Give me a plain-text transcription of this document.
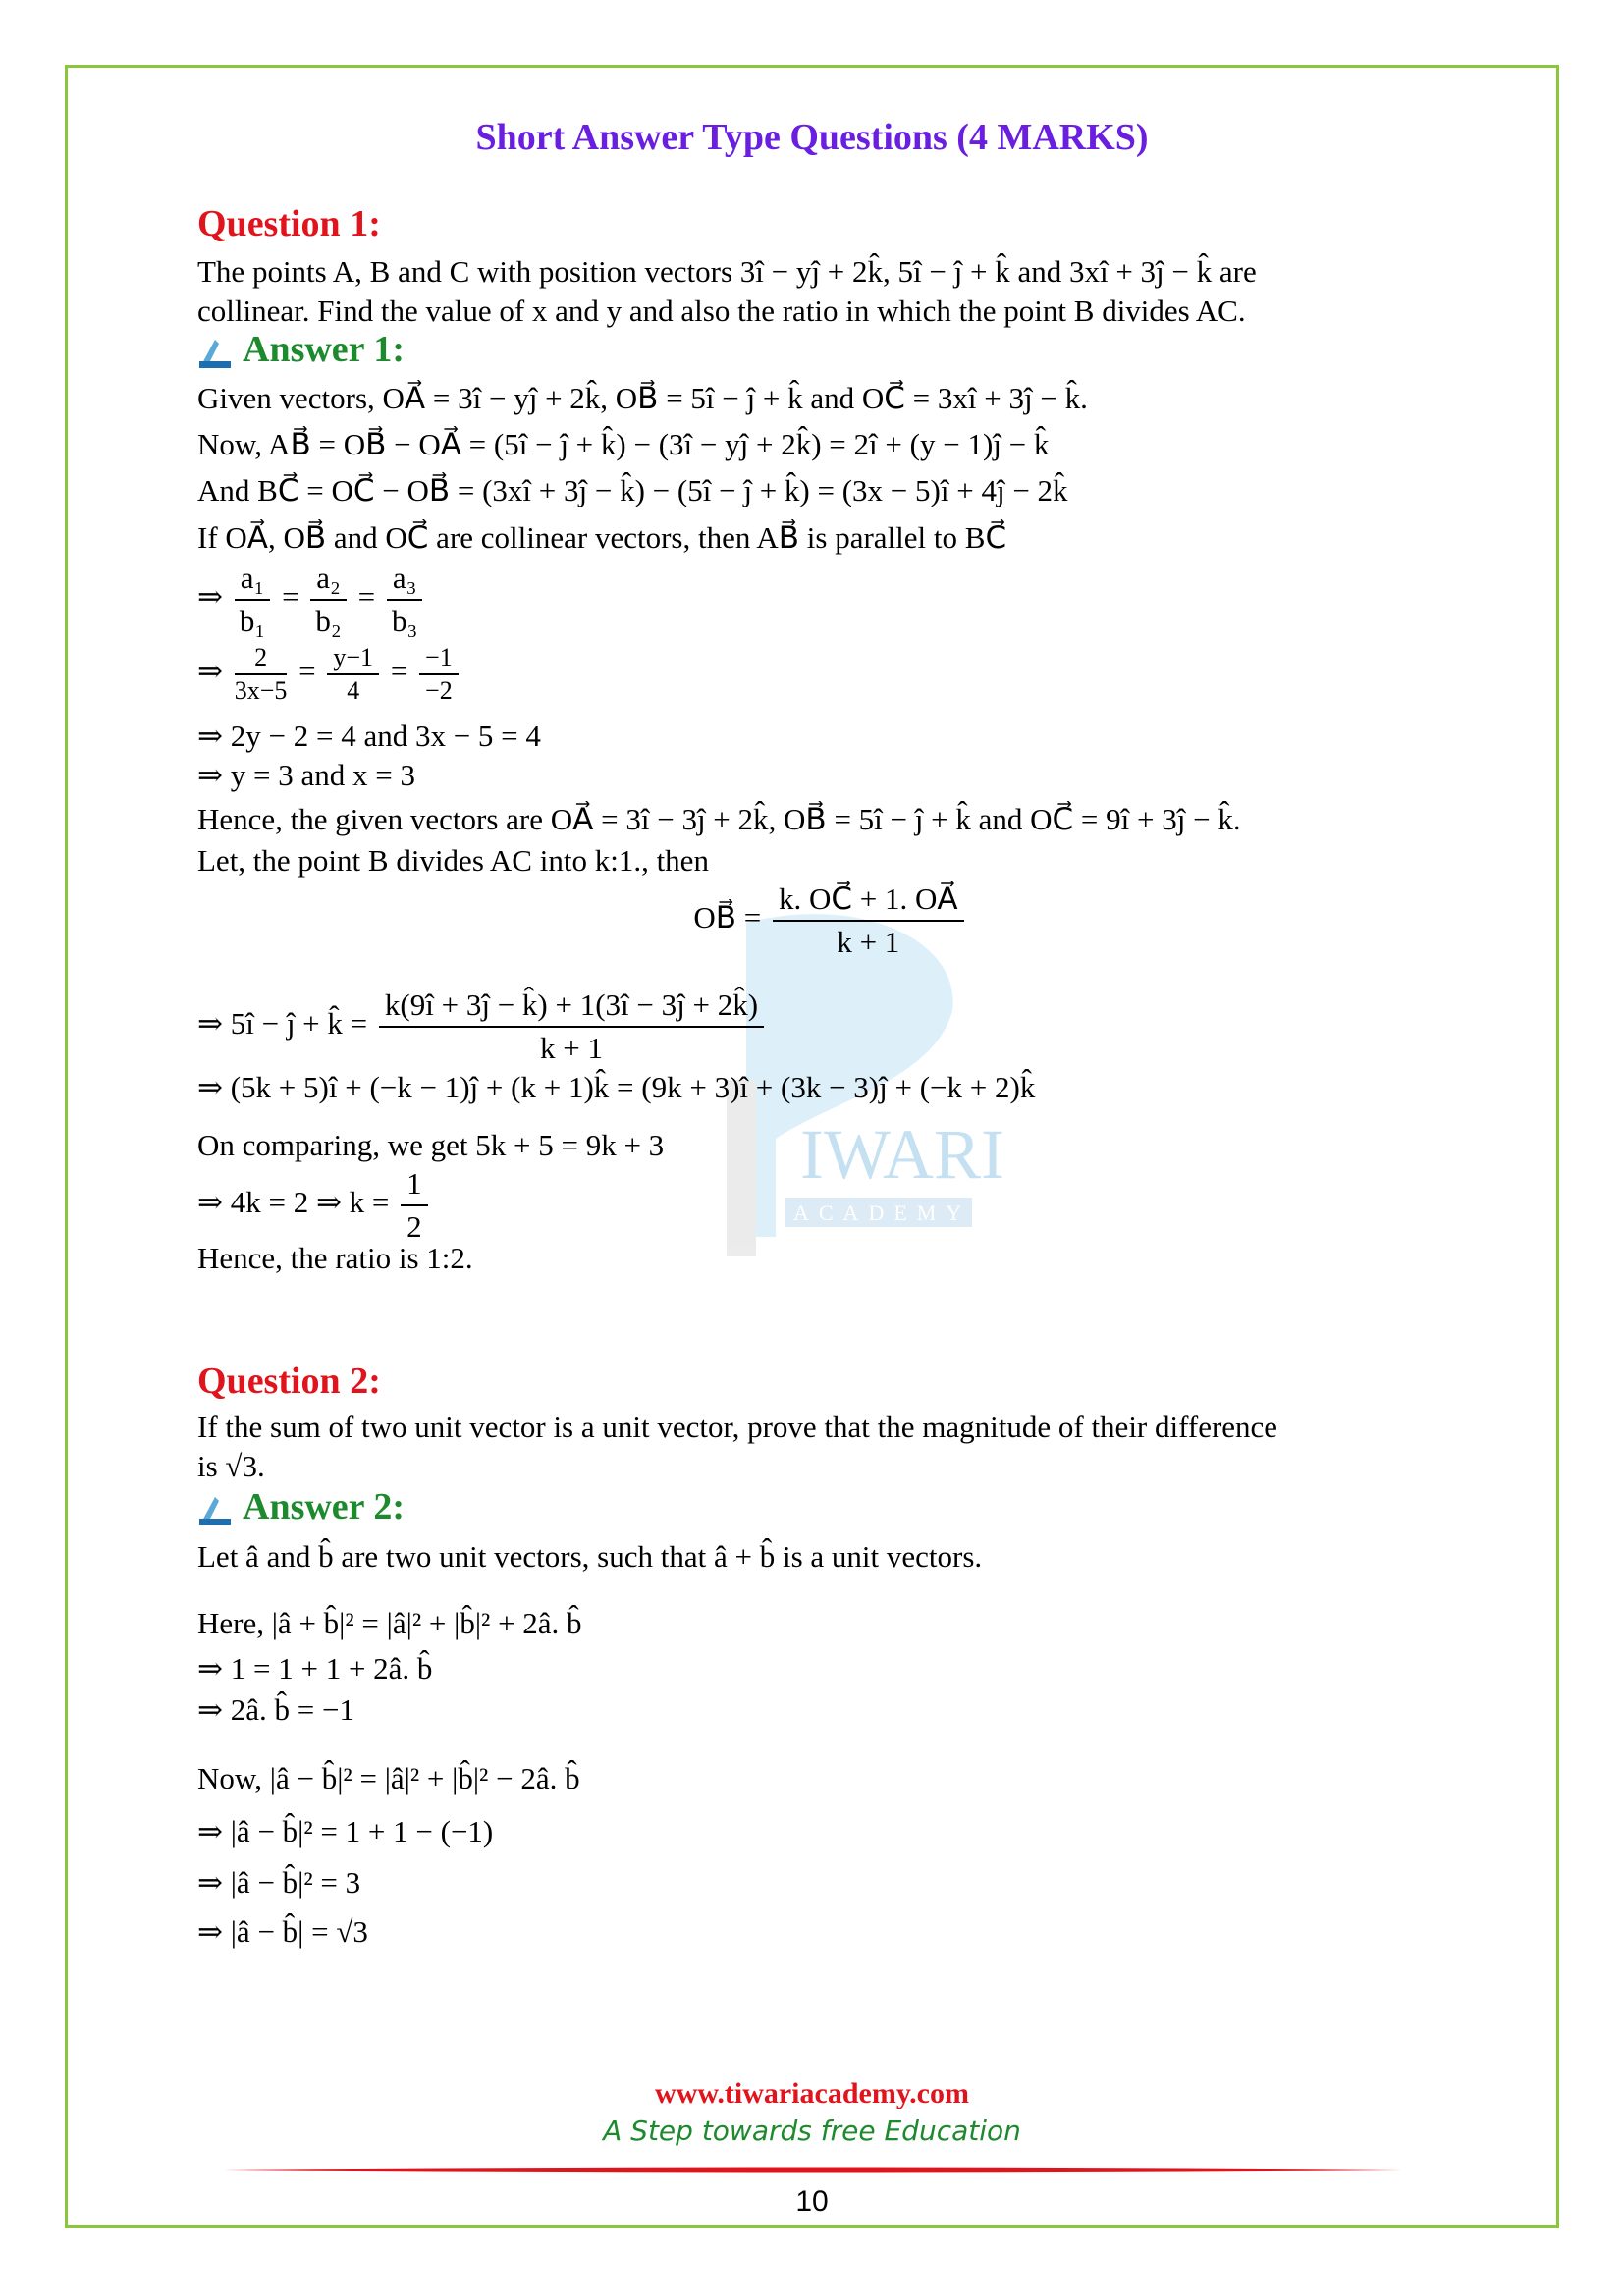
IWARI
ACADEMY
Short Answer Type Questions (4 MARKS)
Question 1:
The points A, B and C with position vectors 3î − yĵ + 2k̂, 5î − ĵ + k̂ and 3xî + 3ĵ − k̂ are
collinear. Find the value of x and y and also the ratio in which the point B divides AC.
Answer 1:
Given vectors, OA⃗ = 3î − yĵ + 2k̂, OB⃗ = 5î − ĵ + k̂ and OC⃗ = 3xî + 3ĵ − k̂.
Now, AB⃗ = OB⃗ − OA⃗ = (5î − ĵ + k̂) − (3î − yĵ + 2k̂) = 2î + (y − 1)ĵ − k̂
And BC⃗ = OC⃗ − OB⃗ = (3xî + 3ĵ − k̂) − (5î − ĵ + k̂) = (3x − 5)î + 4ĵ − 2k̂
If OA⃗, OB⃗ and OC⃗ are collinear vectors, then AB⃗ is parallel to BC⃗
⇒ $\frac{\text{a₁}}{\text{b₁}} = \frac{\text{a₂}}{\text{b₂}} = \frac{\text{a₃}}{\text{b₃}}$
⇒ $\frac{2}{3x-5} = \frac{y-1}{4} = \frac{-1}{-2}$
⇒ 2y − 2 = 4 and 3x − 5 = 4
⇒ y = 3 and x = 3
Hence, the given vectors are OA⃗ = 3î − 3ĵ + 2k̂, OB⃗ = 5î − ĵ + k̂ and OC⃗ = 9î + 3ĵ − k̂.
Let, the point B divides AC into k:1., then
OB⃗ = $\frac{k. OC⃗ + 1. OA⃗}{k + 1}$
⇒ 5î − ĵ + k̂ = $\frac{k(9î + 3ĵ - k̂) + 1(3î - 3ĵ + 2k̂)}{k + 1}$
⇒ (5k + 5)î + (−k − 1)ĵ + (k + 1)k̂ = (9k + 3)î + (3k − 3)ĵ + (−k + 2)k̂
On comparing, we get 5k + 5 = 9k + 3
⇒ 4k = 2 ⇒ $k = \frac{1}{2}$
Hence, the ratio is 1:2.
Question 2:
If the sum of two unit vector is a unit vector, prove that the magnitude of their difference
is √3.
Answer 2:
Let â and b̂ are two unit vectors, such that â + b̂ is a unit vectors.
Here, |â + b̂|² = |â|² + |b̂|² + 2â. b̂
⇒ 1 = 1 + 1 + 2â. b̂
⇒ 2â. b̂ = −1
Now, |â − b̂|² = |â|² + |b̂|² − 2â. b̂
⇒ |â − b̂|² = 1 + 1 − (−1)
⇒ |â − b̂|² = 3
⇒ |â − b̂| = √3
www.tiwariacademy.com
A Step towards free Education
10
